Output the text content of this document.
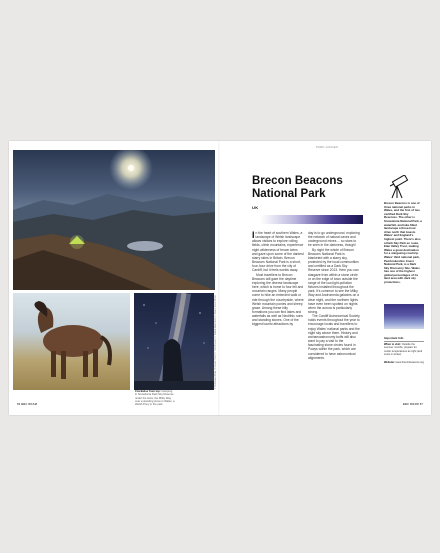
© Immanuel Plata | © Ewan Trott | © Tom Bowen | © Kaitlin Mansfield | © Alamy Stock Photo
Clockwise from top: Camping in Snowdonia Dark Sky Reserve under the stars; the Milky Way over a standing stone in Wales; a Welsh Pony in the park
56 BBC ROAM
PARK GUIDES
Brecon Beacons National Park
UK

In the heart of southern Wales, a landscape of Welsh landscape allows visitors to explore rolling fields, climb mountains, experience night wilderness of brown twins and gaze upon some of the darkest starry skies in Britain. Brecon Beacons National Park is a short, four-hour drive from the city of Cardiff, but it feels worlds away.

Most travellers to Brecon Beacons will gaze the daytime exploring the diverse landscape here, which is home to four fell and mountain ranges. Many people come to hike an extended walk or ride through the countryside, where Welsh mountain ponies and sheep graze. Among these hilly formations you can find lakes and waterfalls as well as Neolithic ruins and standing stones. One of the biggest tourist attractions by

day is to go underground, exploring the network of natural caves and underground mines ... so stars to be seen in the darkness, though!

By night the whole of Brecon Beacons National Park is blanketed with a starry sky, protected by the local communities and certified as a Dark Sky Reserve since 2013. Here you can stargaze from within a stone circle or on the edge of town outside the range of the low-light-pollution fixtures installed throughout the park. It's common to see the Milky Way and Andromeda galaxies on a clear night, and the northern lights have even been spotted on nights when the aurora is particularly strong.

The Cardiff Astronomical Society holds events throughout the year to encourage locals and travellers to enjoy Wales' national parks and the night sky above them. History and archaeoastronomy buffs will also want to pay a visit to the fascinating stone circles found in Powys within the park, which are considered to have astronomical alignments.

Brecon Beacons is one of three national parks in Wales, and the first of two certified Dark Sky Reserves. The other is Snowdonia National Park, a waterfall- and lake-filled landscape a three-hour drive north that boasts Wales' and England's highest point. There's also a Dark Sky Park en route, Elan Valley Trust, making Wales a great destination for a stargazing road trip. Wales' third national park, Pembrokeshire Coast National Park, is a Dark Sky Discovery Site. Wales has one of the highest global percentages of its land area with dark sky protections.
Important Info
When to visit: Outside the summer months, prepare for cooler temperatures at night (and snow in winter).
Website: www.breconbeacons.org
BBC ROAM 57
